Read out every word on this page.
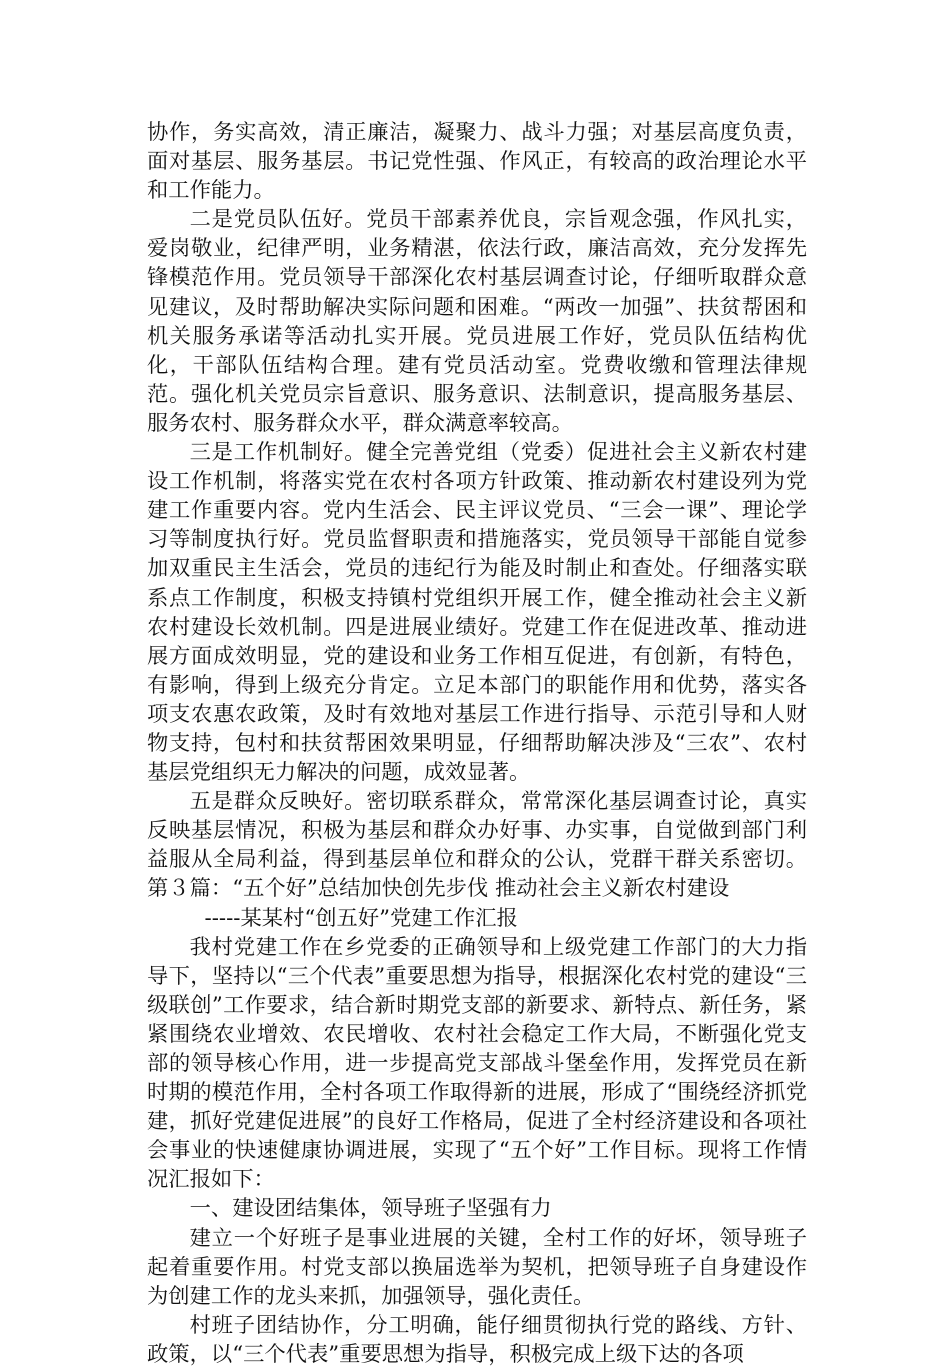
协作，务实高效，清正廉洁，凝聚力、战斗力强；对基层高度负责，面对基层、服务基层。书记党性强、作风正，有较高的政治理论水平和工作能力。

二是党员队伍好。党员干部素养优良，宗旨观念强，作风扎实，爱岗敬业，纪律严明，业务精湛，依法行政，廉洁高效，充分发挥先锋模范作用。党员领导干部深化农村基层调查讨论，仔细听取群众意见建议，及时帮助解决实际问题和困难。“两改一加强”、扶贫帮困和机关服务承诺等活动扎实开展。党员进展工作好，党员队伍结构优化，干部队伍结构合理。建有党员活动室。党费收缴和管理法律规范。强化机关党员宗旨意识、服务意识、法制意识，提高服务基层、服务农村、服务群众水平，群众满意率较高。

三是工作机制好。健全完善党组（党委）促进社会主义新农村建设工作机制，将落实党在农村各项方针政策、推动新农村建设列为党建工作重要内容。党内生活会、民主评议党员、“三会一课”、理论学习等制度执行好。党员监督职责和措施落实，党员领导干部能自觉参加双重民主生活会，党员的违纪行为能及时制止和查处。仔细落实联系点工作制度，积极支持镇村党组织开展工作，健全推动社会主义新农村建设长效机制。四是进展业绩好。党建工作在促进改革、推动进展方面成效明显，党的建设和业务工作相互促进，有创新，有特色，有影响，得到上级充分肯定。立足本部门的职能作用和优势，落实各项支农惠农政策，及时有效地对基层工作进行指导、示范引导和人财物支持，包村和扶贫帮困效果明显，仔细帮助解决涉及“三农”、农村基层党组织无力解决的问题，成效显著。

五是群众反映好。密切联系群众，常常深化基层调查讨论，真实反映基层情况，积极为基层和群众办好事、办实事，自觉做到部门利益服从全局利益，得到基层单位和群众的公认，党群干群关系密切。第３篇：“五个好”总结加快创先步伐 推动社会主义新农村建设

-----某某村“创五好”党建工作汇报

我村党建工作在乡党委的正确领导和上级党建工作部门的大力指导下，坚持以“三个代表”重要思想为指导，根据深化农村党的建设“三级联创”工作要求，结合新时期党支部的新要求、新特点、新任务，紧紧围绕农业增效、农民增收、农村社会稳定工作大局，不断强化党支部的领导核心作用，进一步提高党支部战斗堡垒作用，发挥党员在新时期的模范作用，全村各项工作取得新的进展，形成了“围绕经济抓党建，抓好党建促进展”的良好工作格局，促进了全村经济建设和各项社会事业的快速健康协调进展，实现了“五个好”工作目标。现将工作情况汇报如下：

一、建设团结集体，领导班子坚强有力

建立一个好班子是事业进展的关键，全村工作的好坏，领导班子起着重要作用。村党支部以换届选举为契机，把领导班子自身建设作为创建工作的龙头来抓，加强领导，强化责任。

村班子团结协作，分工明确，能仔细贯彻执行党的路线、方针、政策，以“三个代表”重要思想为指导，积极完成上级下达的各项
